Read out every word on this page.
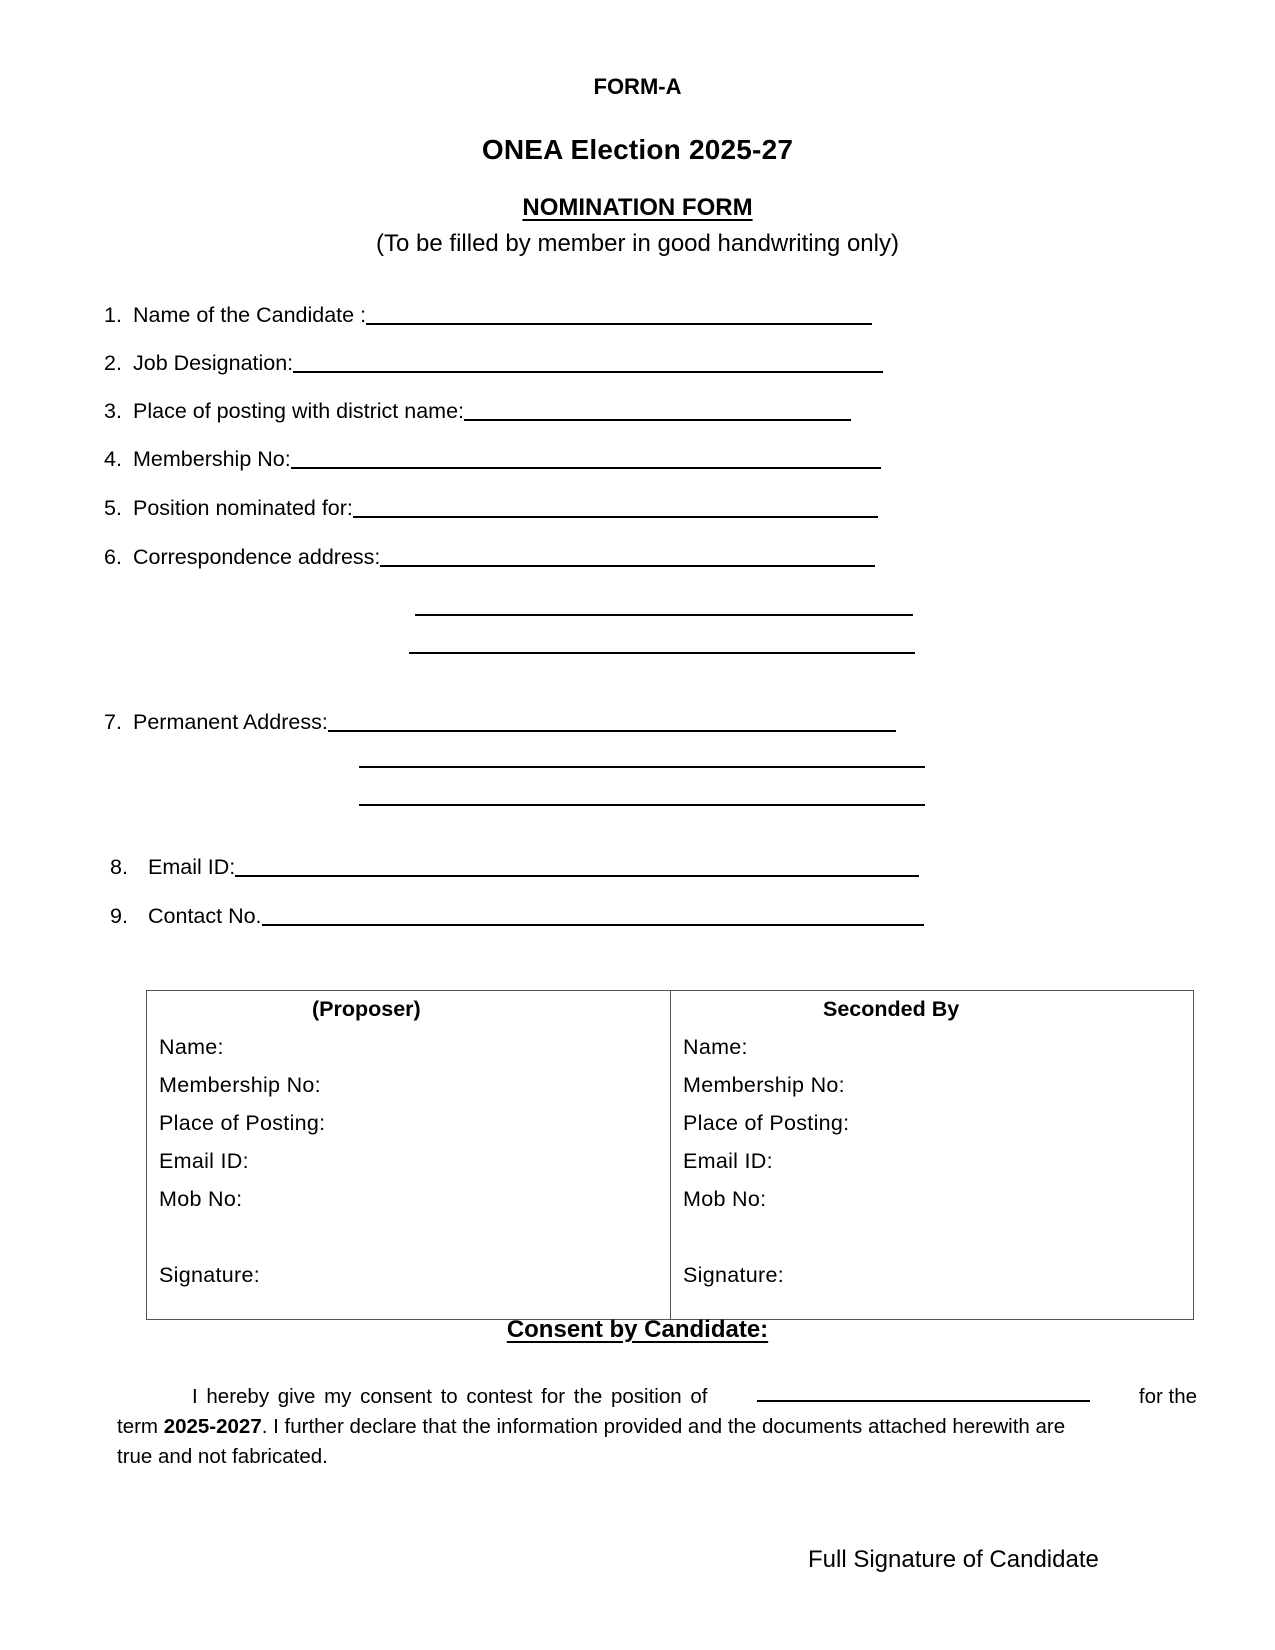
FORM-A
ONEA Election 2025-27
NOMINATION FORM
(To be filled by member in good handwriting only)
1. Name of the Candidate :
2. Job Designation:
3. Place of posting with district name:
4. Membership No:
5. Position nominated for:
6. Correspondence address:
7. Permanent Address:
8. Email ID:
9. Contact No.
(Proposer)
Name:
Membership No:
Place of Posting:
Email ID:
Mob No:
Signature:
Seconded By
Name:
Membership No:
Place of Posting:
Email ID:
Mob No:
Signature:
Consent by Candidate:
I hereby give my consent to contest for the position of	for the
term 2025-2027. I further declare that the information provided and the documents attached herewith are
true and not fabricated.
Full Signature of Candidate
